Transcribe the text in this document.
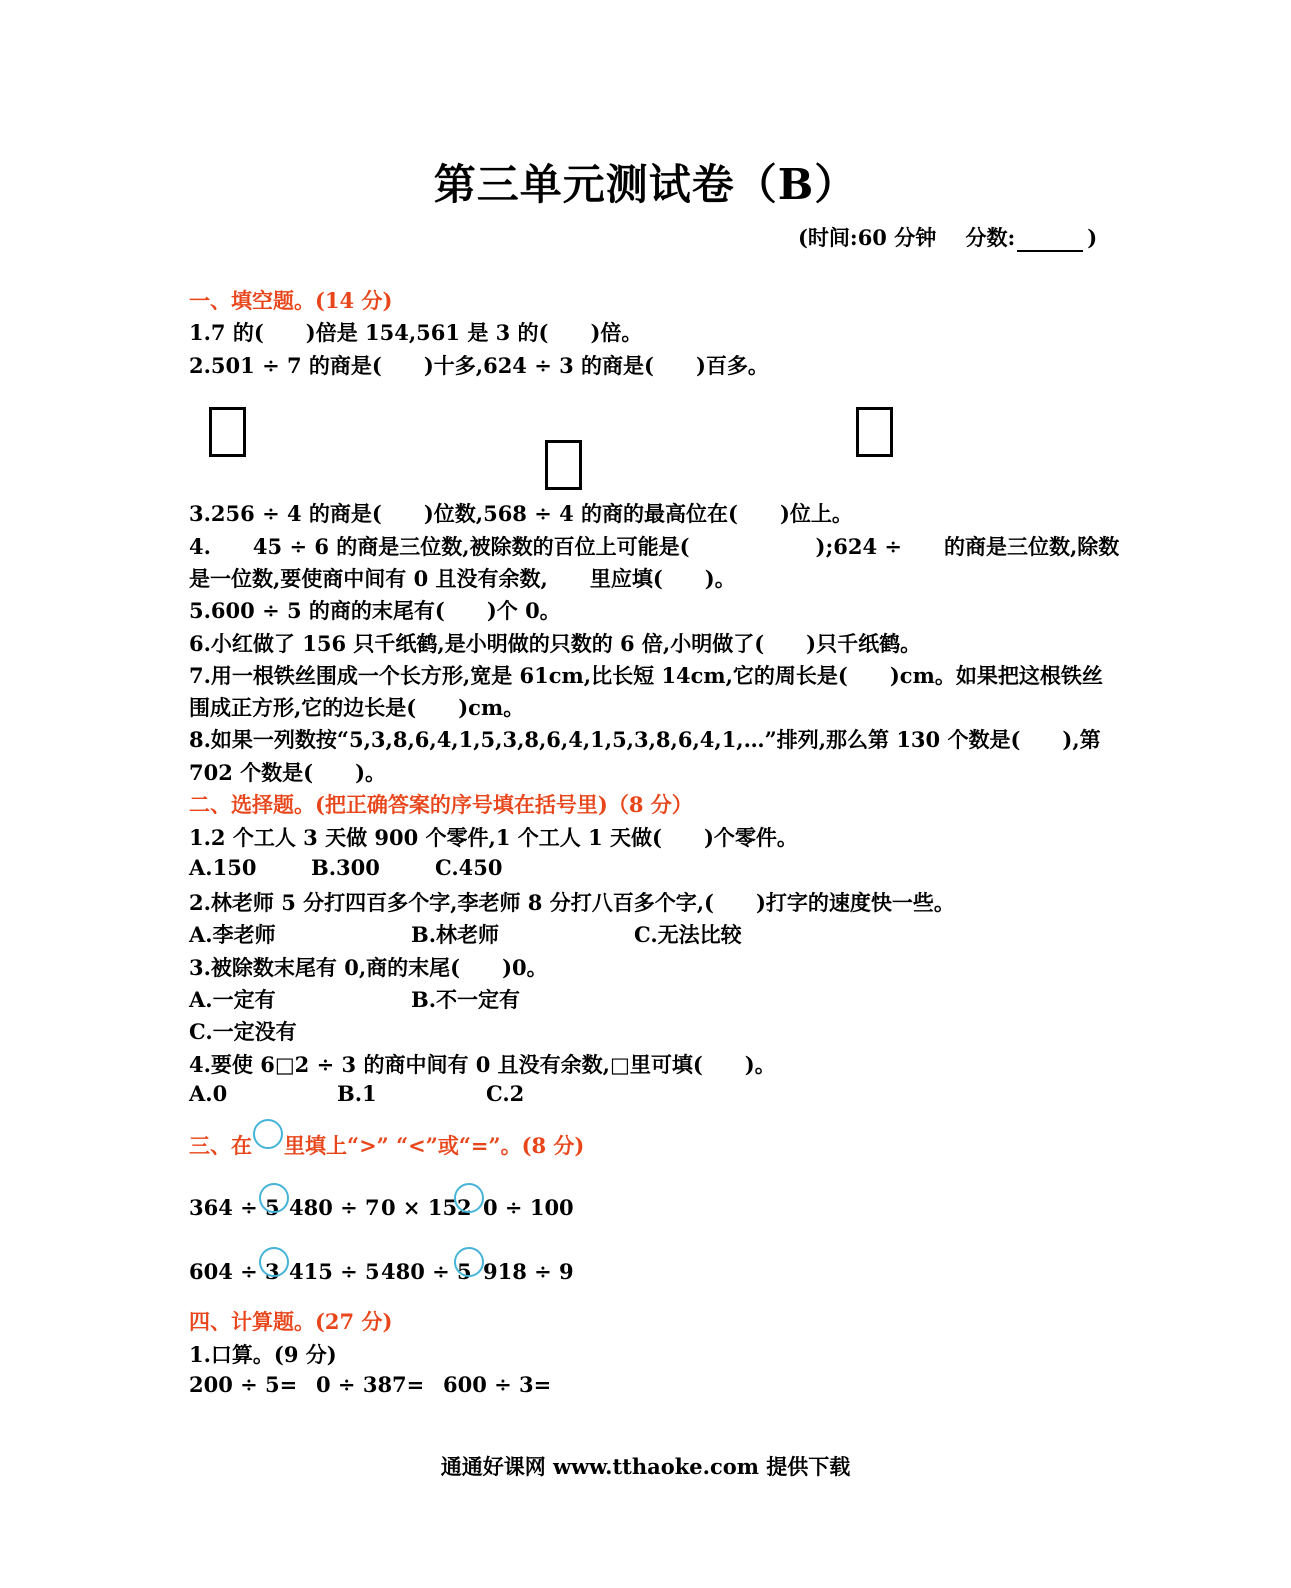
第三单元测试卷（B）
(时间:60 分钟 分数:	)
一、填空题。(14 分)
1.7 的(　　)倍是 154,561 是 3 的(　　)倍。
2.501 ÷ 7 的商是(　　)十多,624 ÷ 3 的商是(　　)百多。
3.256 ÷ 4 的商是(　　)位数,568 ÷ 4 的商的最高位在(　　)位上。
4.　　45 ÷ 6 的商是三位数,被除数的百位上可能是(　　　　　　);624 ÷　　的商是三位数,除数
是一位数,要使商中间有 0 且没有余数,　　里应填(　　)。
5.600 ÷ 5 的商的末尾有(　　)个 0。
6.小红做了 156 只千纸鹤,是小明做的只数的 6 倍,小明做了(　　)只千纸鹤。
7.用一根铁丝围成一个长方形,宽是 61cm,比长短 14cm,它的周长是(　　)cm。如果把这根铁丝
围成正方形,它的边长是(　　)cm。
8.如果一列数按“5,3,8,6,4,1,5,3,8,6,4,1,5,3,8,6,4,1,…”排列,那么第 130 个数是(　　),第
702 个数是(　　)。
二、选择题。(把正确答案的序号填在括号里)（8 分）
1.2 个工人 3 天做 900 个零件,1 个工人 1 天做(　　)个零件。
A.150	B.300	C.450
2.林老师 5 分打四百多个字,李老师 8 分打八百多个字,(　　)打字的速度快一些。
A.李老师	B.林老师	C.无法比较
3.被除数末尾有 0,商的末尾(　　)0。
A.一定有	B.不一定有
C.一定没有
4.要使 6□2 ÷ 3 的商中间有 0 且没有余数,□里可填(　　)。
A.0	B.1	C.2
三、在 里填上“>” “<”或“=”。(8 分)
364 ÷ 5 480 ÷ 7 0 × 152 0 ÷ 100
604 ÷ 3 415 ÷ 5 480 ÷ 5 918 ÷ 9
四、计算题。(27 分)
1.口算。(9 分)
200 ÷ 5= 0 ÷ 387= 600 ÷ 3=
通通好课网 www.tthaoke.com 提供下载
